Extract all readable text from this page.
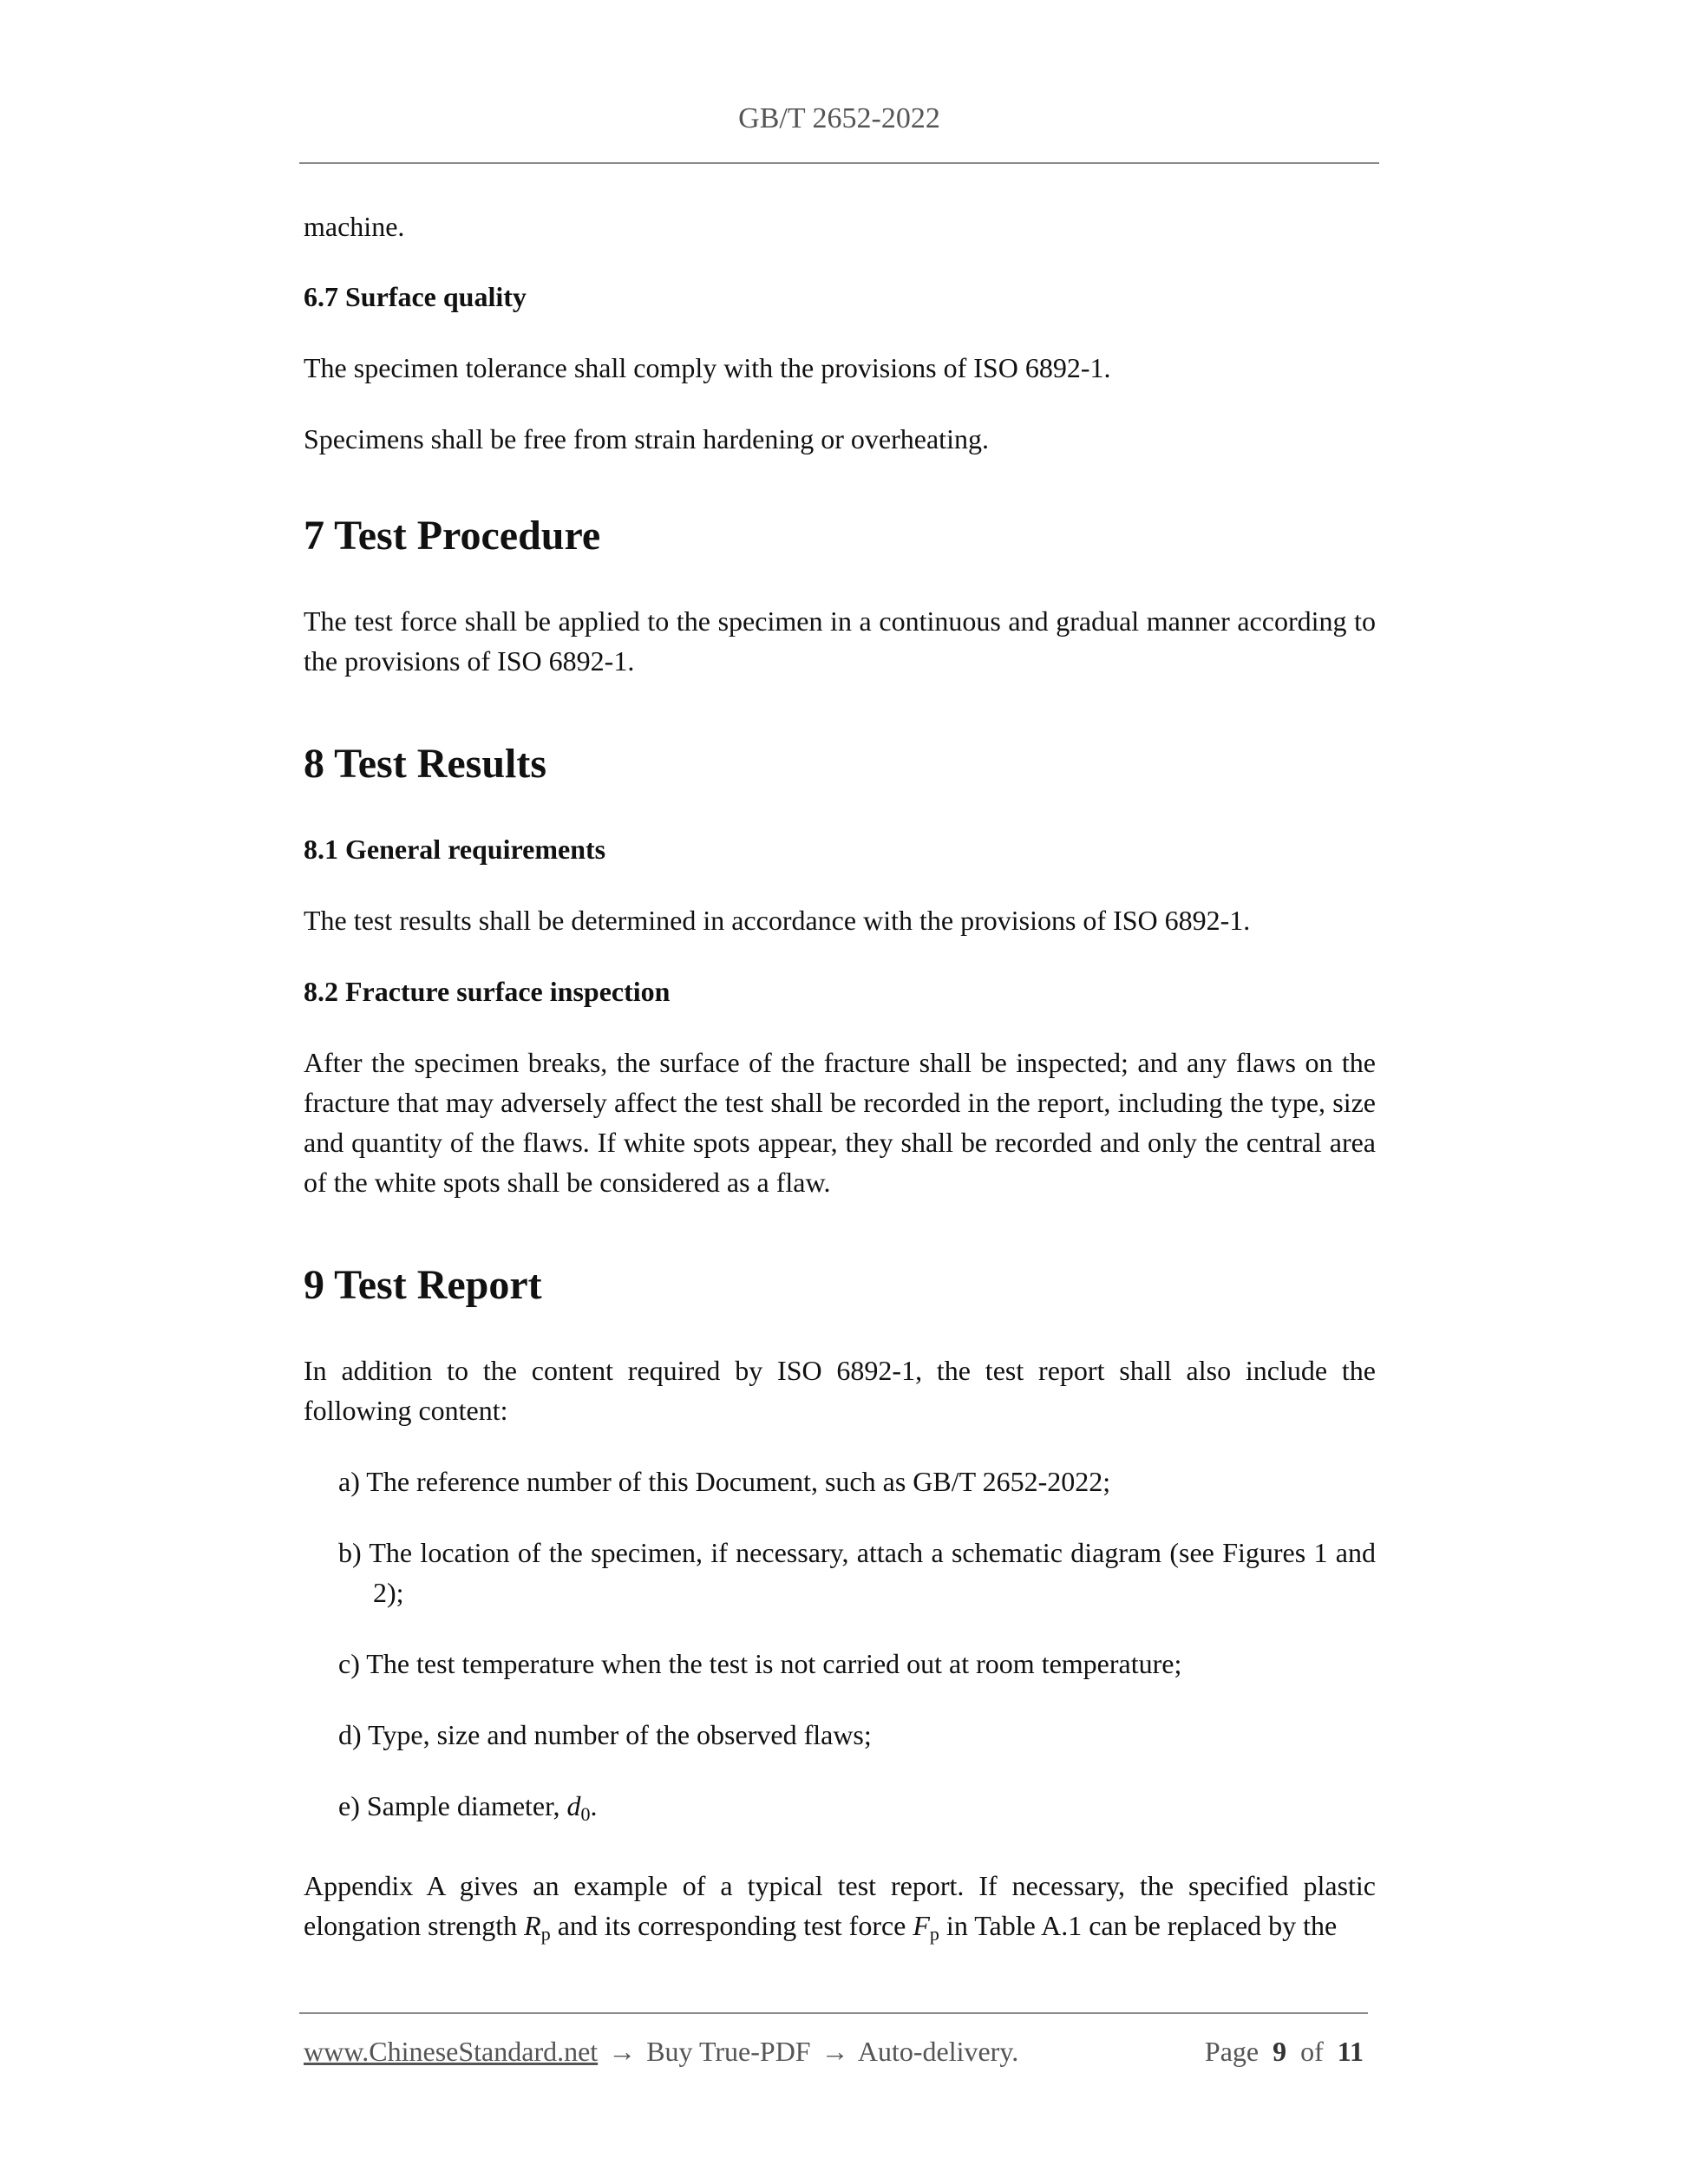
GB/T 2652-2022

machine.

6.7 Surface quality

The specimen tolerance shall comply with the provisions of ISO 6892-1.

Specimens shall be free from strain hardening or overheating.

7 Test Procedure

The test force shall be applied to the specimen in a continuous and gradual manner according to the provisions of ISO 6892-1.

8 Test Results
8.1 General requirements

The test results shall be determined in accordance with the provisions of ISO 6892-1.

8.2 Fracture surface inspection

After the specimen breaks, the surface of the fracture shall be inspected; and any flaws on the fracture that may adversely affect the test shall be recorded in the report, including the type, size and quantity of the flaws. If white spots appear, they shall be recorded and only the central area of the white spots shall be considered as a flaw.

9 Test Report

In addition to the content required by ISO 6892-1, the test report shall also include the following content:

a) The reference number of this Document, such as GB/T 2652-2022;

b) The location of the specimen, if necessary, attach a schematic diagram (see Figures 1 and 2);

c) The test temperature when the test is not carried out at room temperature;

d) Type, size and number of the observed flaws;

e) Sample diameter, $d_0$.

Appendix A gives an example of a typical test report. If necessary, the specified plastic elongation strength $R_p$ and its corresponding test force $F_p$ in Table A.1 can be replaced by the

www.ChineseStandard.net → Buy True-PDF → Auto-delivery.	Page 9 of 11
